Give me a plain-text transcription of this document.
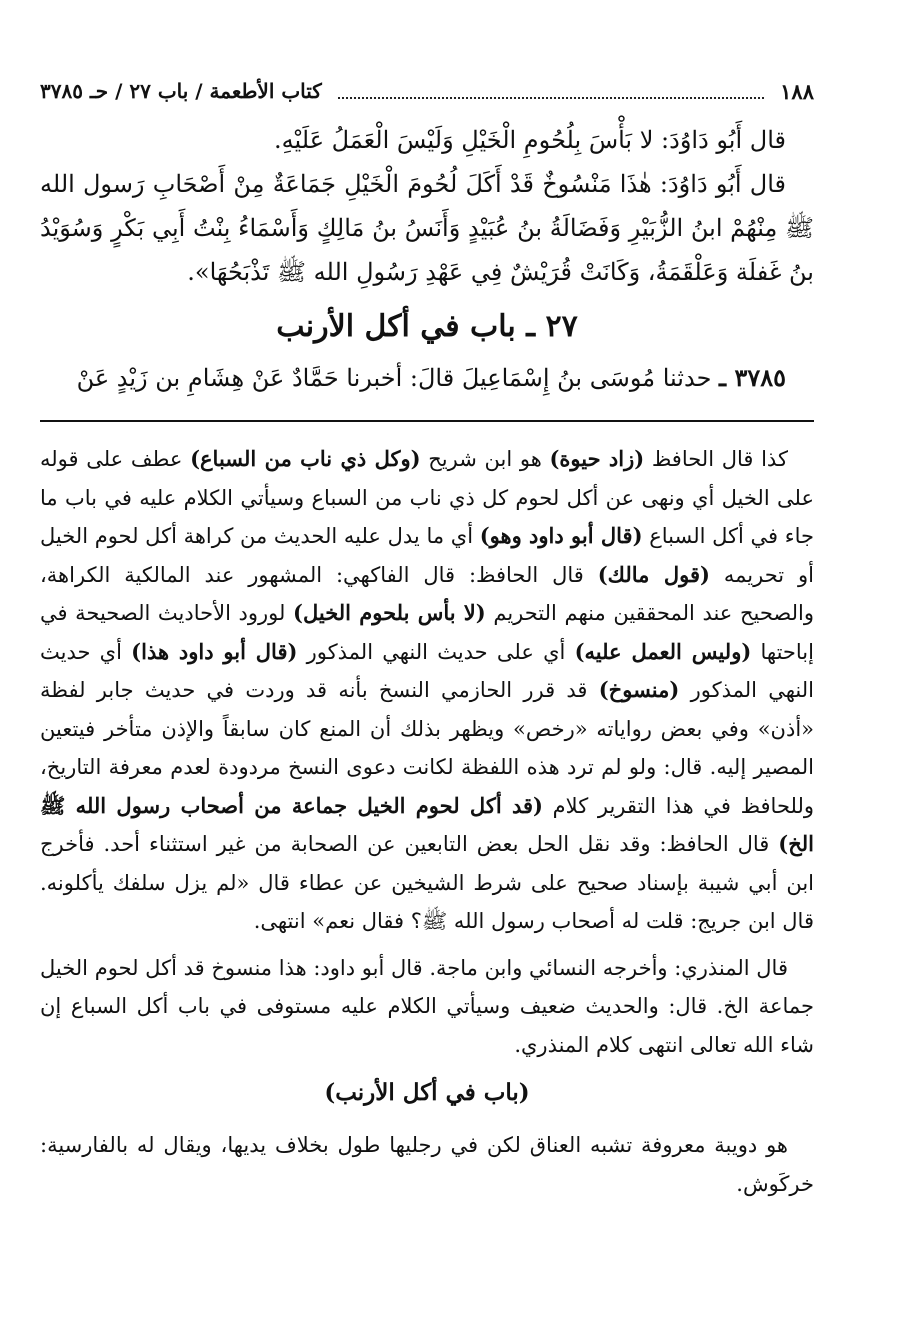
١٨٨
كتاب الأطعمة / باب ٢٧ / حـ ٣٧٨٥

قال أَبُو دَاوُدَ: لا بَأْسَ بِلُحُومِ الْخَيْلِ وَلَيْسَ الْعَمَلُ عَلَيْهِ.

قال أَبُو دَاوُدَ: هٰذَا مَنْسُوخٌ قَدْ أَكَلَ لُحُومَ الْخَيْلِ جَمَاعَةٌ مِنْ أَصْحَابِ رَسول الله ﷺ مِنْهُمْ ابنُ الزُّبَيْرِ وَفَضَالَةُ بنُ عُبَيْدٍ وَأَنَسُ بنُ مَالِكٍ وَأَسْمَاءُ بِنْتُ أَبِي بَكْرٍ وَسُوَيْدُ بنُ غَفلَة وَعَلْقَمَةُ، وَكَانَتْ قُرَيْشٌ فِي عَهْدِ رَسُولِ الله ﷺ تَذْبَحُهَا».

٢٧ ـ باب في أكل الأرنب

٣٧٨٥ ـ حدثنا مُوسَى بنُ إِسْمَاعِيلَ قالَ: أخبرنا حَمَّادٌ عَنْ هِشَامِ بن زَيْدٍ عَنْ

كذا قال الحافظ (زاد حيوة) هو ابن شريح (وكل ذي ناب من السباع) عطف على قوله على الخيل أي ونهى عن أكل لحوم كل ذي ناب من السباع وسيأتي الكلام عليه في باب ما جاء في أكل السباع (قال أبو داود وهو) أي ما يدل عليه الحديث من كراهة أكل لحوم الخيل أو تحريمه (قول مالك) قال الحافظ: قال الفاكهي: المشهور عند المالكية الكراهة، والصحيح عند المحققين منهم التحريم (لا بأس بلحوم الخيل) لورود الأحاديث الصحيحة في إباحتها (وليس العمل عليه) أي على حديث النهي المذكور (قال أبو داود هذا) أي حديث النهي المذكور (منسوخ) قد قرر الحازمي النسخ بأنه قد وردت في حديث جابر لفظة «أذن» وفي بعض رواياته «رخص» ويظهر بذلك أن المنع كان سابقاً والإذن متأخر فيتعين المصير إليه. قال: ولو لم ترد هذه اللفظة لكانت دعوى النسخ مردودة لعدم معرفة التاريخ، وللحافظ في هذا التقرير كلام (قد أكل لحوم الخيل جماعة من أصحاب رسول الله ﷺ الخ) قال الحافظ: وقد نقل الحل بعض التابعين عن الصحابة من غير استثناء أحد. فأخرج ابن أبي شيبة بإسناد صحيح على شرط الشيخين عن عطاء قال «لم يزل سلفك يأكلونه. قال ابن جريج: قلت له أصحاب رسول الله ﷺ؟ فقال نعم» انتهى.

قال المنذري: وأخرجه النسائي وابن ماجة. قال أبو داود: هذا منسوخ قد أكل لحوم الخيل جماعة الخ. قال: والحديث ضعيف وسيأتي الكلام عليه مستوفى في باب أكل السباع إن شاء الله تعالى انتهى كلام المنذري.

(باب في أكل الأرنب)

هو دويبة معروفة تشبه العناق لكن في رجليها طول بخلاف يديها، ويقال له بالفارسية: خركَوش.
